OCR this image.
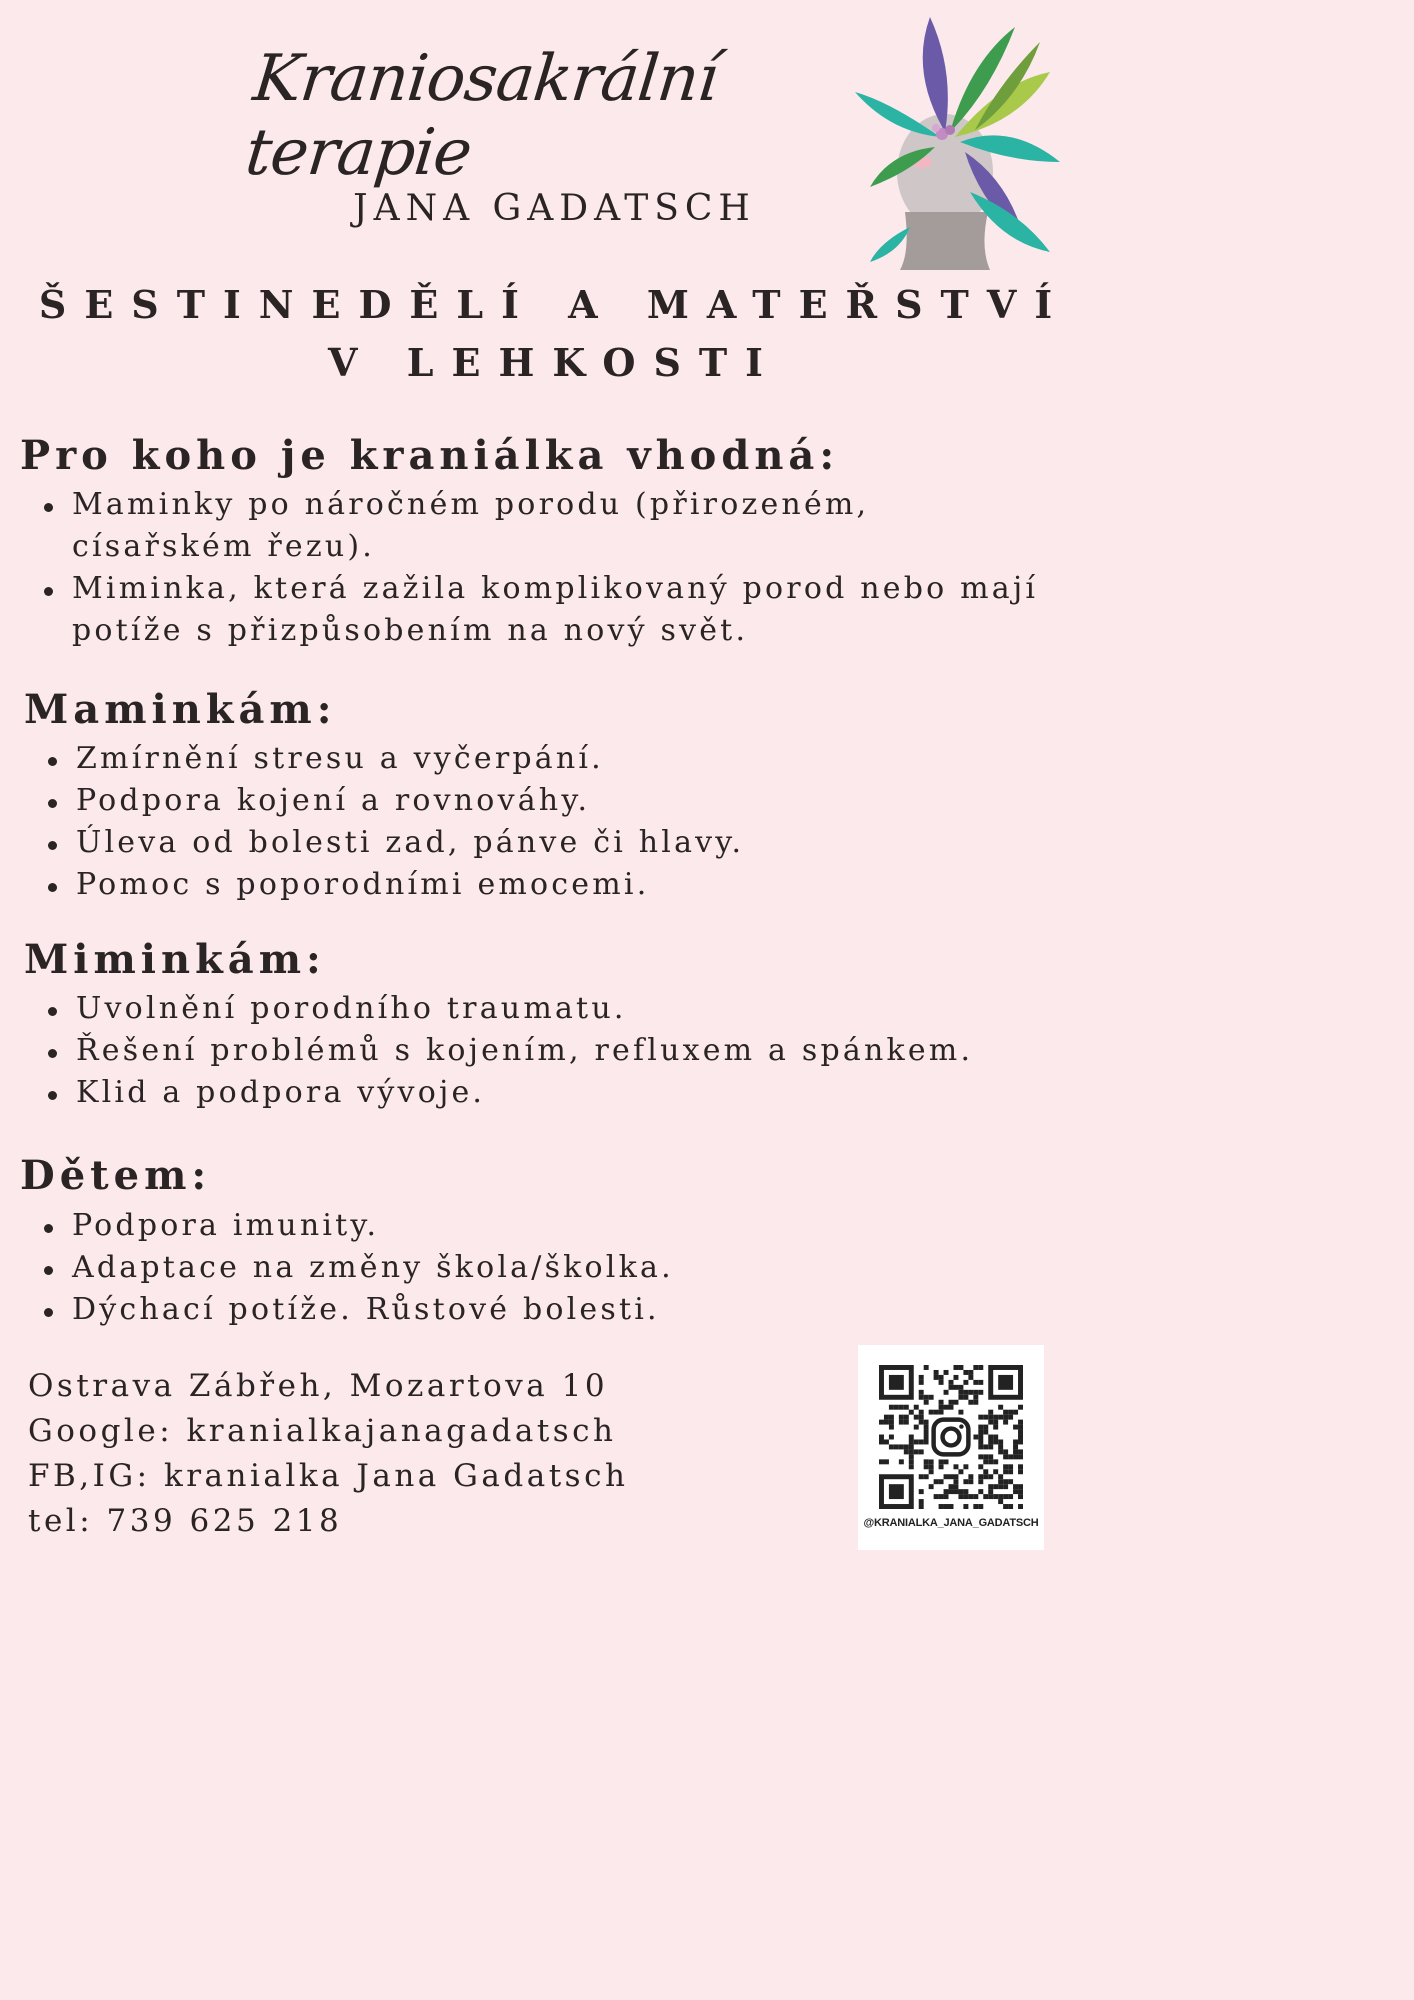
Kraniosakrální terapie
JANA GADATSCH
ŠESTINEDĚLÍ A MATEŘSTVÍ
V LEHKOSTI
Pro koho je kraniálka vhodná:
Maminky po náročném porodu (přirozeném,
císařském řezu).
Miminka, která zažila komplikovaný porod nebo mají
potíže s přizpůsobením na nový svět.
Maminkám:
Zmírnění stresu a vyčerpání.
Podpora kojení a rovnováhy.
Úleva od bolesti zad, pánve či hlavy.
Pomoc s poporodními emocemi.
Miminkám:
Uvolnění porodního traumatu.
Řešení problémů s kojením, refluxem a spánkem.
Klid a podpora vývoje.
Dětem:
Podpora imunity.
Adaptace na změny škola/školka.
Dýchací potíže. Růstové bolesti.
Ostrava Zábřeh, Mozartova 10
Google: kranialkajanagadatsch
FB,IG: kranialka Jana Gadatsch
tel: 739 625 218	@KRANIALKA_JANA_GADATSCH
